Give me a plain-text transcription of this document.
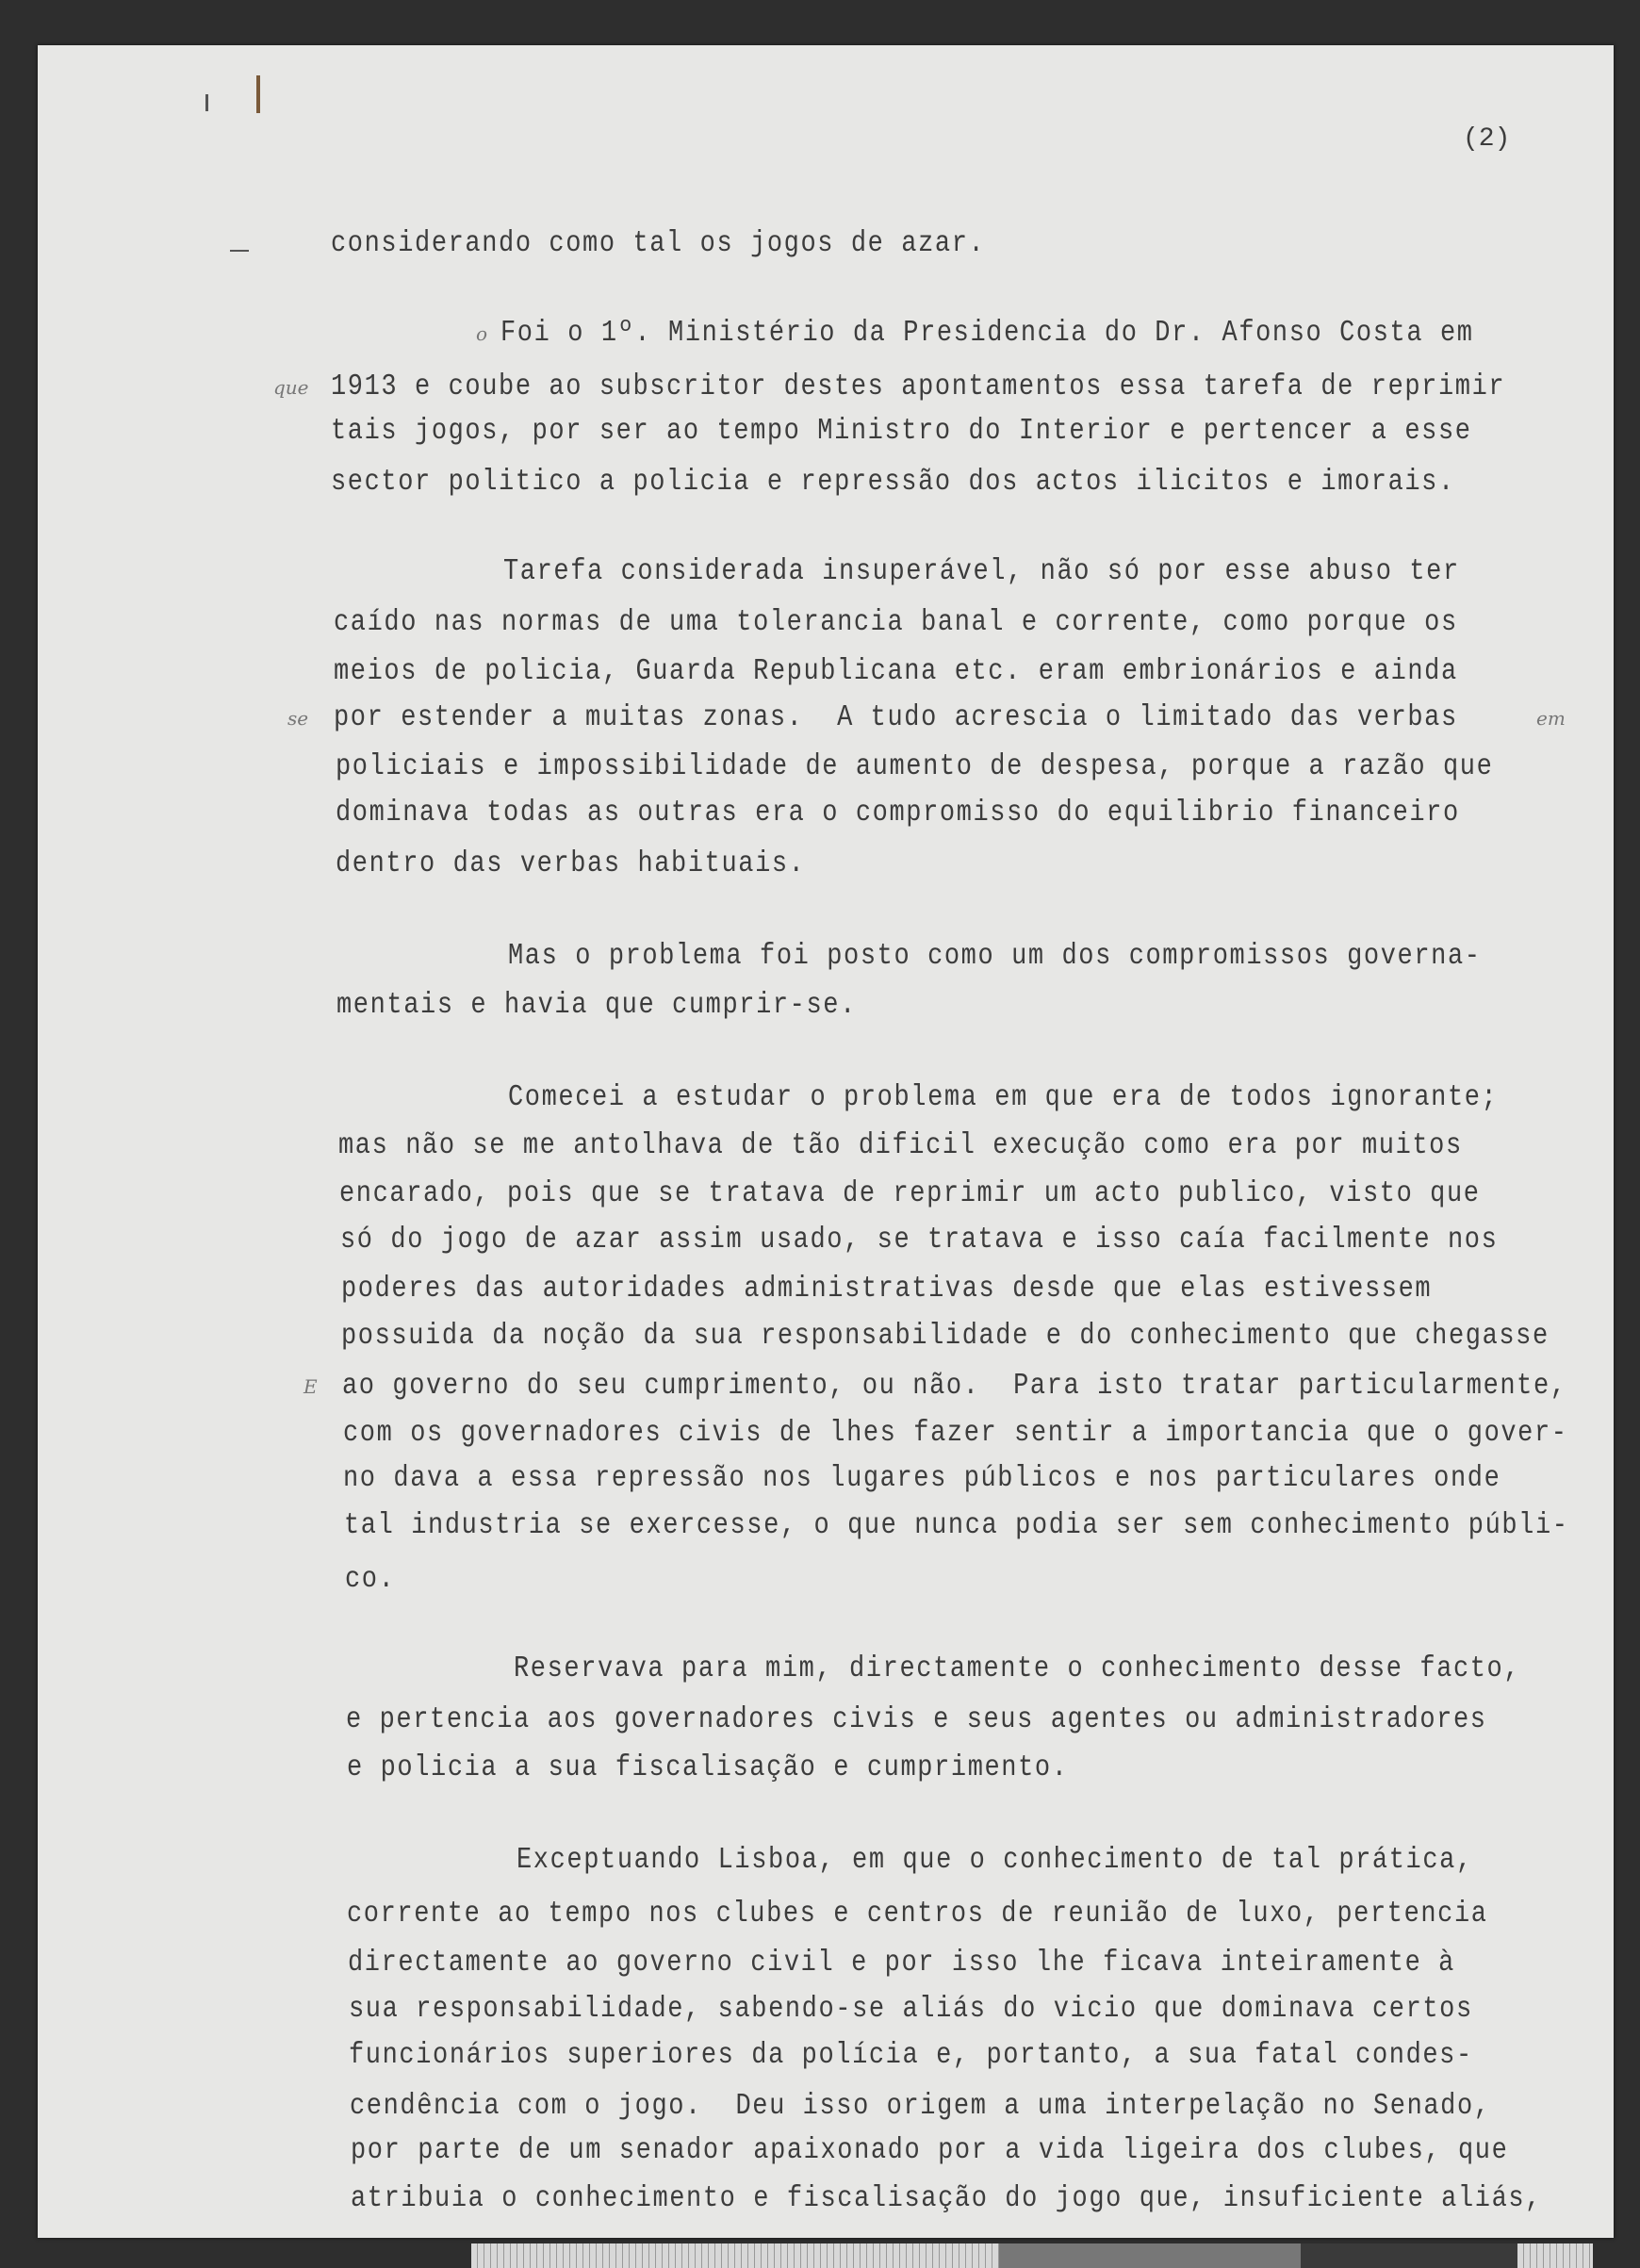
(2)
considerando como tal os jogos de azar.
Foi o 1º. Ministério da Presidencia do Dr. Afonso Costa em
1913 e coube ao subscritor destes apontamentos essa tarefa de reprimir
tais jogos, por ser ao tempo Ministro do Interior e pertencer a esse
sector politico a policia e repressão dos actos ilicitos e imorais.
Tarefa considerada insuperável, não só por esse abuso ter
caído nas normas de uma tolerancia banal e corrente, como porque os
meios de policia, Guarda Republicana etc. eram embrionários e ainda
por estender a muitas zonas.  A tudo acrescia o limitado das verbas
policiais e impossibilidade de aumento de despesa, porque a razão que
dominava todas as outras era o compromisso do equilibrio financeiro
dentro das verbas habituais.
Mas o problema foi posto como um dos compromissos governa-
mentais e havia que cumprir-se.
Comecei a estudar o problema em que era de todos ignorante;
mas não se me antolhava de tão dificil execução como era por muitos
encarado, pois que se tratava de reprimir um acto publico, visto que
só do jogo de azar assim usado, se tratava e isso caía facilmente nos
poderes das autoridades administrativas desde que elas estivessem
possuida da noção da sua responsabilidade e do conhecimento que chegasse
ao governo do seu cumprimento, ou não.  Para isto tratar particularmente,
com os governadores civis de lhes fazer sentir a importancia que o gover-
no dava a essa repressão nos lugares públicos e nos particulares onde
tal industria se exercesse, o que nunca podia ser sem conhecimento públi-
co.
Reservava para mim, directamente o conhecimento desse facto,
e pertencia aos governadores civis e seus agentes ou administradores
e policia a sua fiscalisação e cumprimento.
Exceptuando Lisboa, em que o conhecimento de tal prática,
corrente ao tempo nos clubes e centros de reunião de luxo, pertencia
directamente ao governo civil e por isso lhe ficava inteiramente à
sua responsabilidade, sabendo-se aliás do vicio que dominava certos
funcionários superiores da polícia e, portanto, a sua fatal condes-
cendência com o jogo.  Deu isso origem a uma interpelação no Senado,
por parte de um senador apaixonado por a vida ligeira dos clubes, que
atribuia o conhecimento e fiscalisação do jogo que, insuficiente aliás,
o
que
se	em
E
